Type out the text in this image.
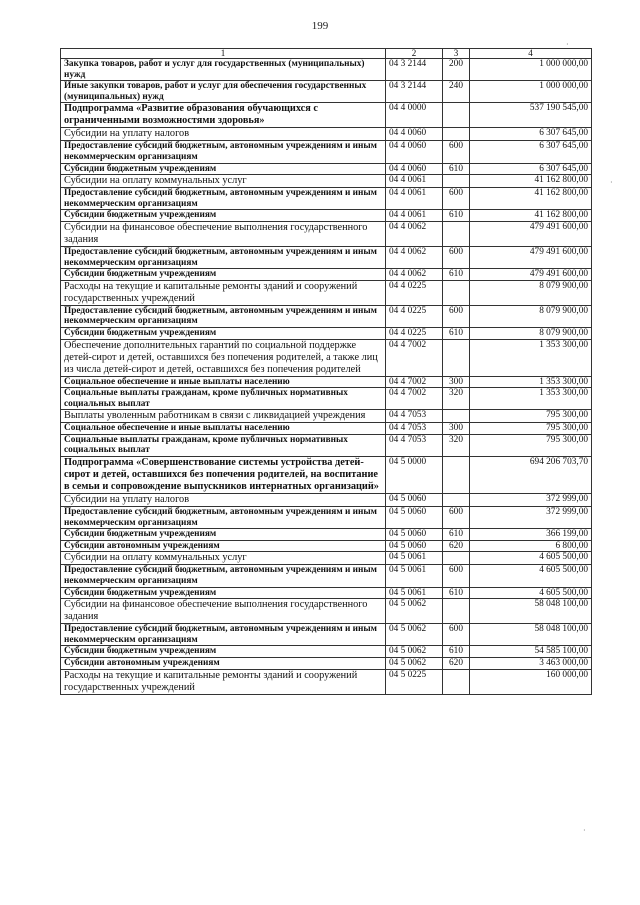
199
1	2	3	4
Закупка товаров, работ и услуг для государственных (муниципальных) нужд	04 3 2144	200	1 000 000,00
Иные закупки товаров, работ и услуг для обеспечения государственных (муниципальных) нужд	04 3 2144	240	1 000 000,00
Подпрограмма «Развитие образования обучающихся с ограниченными возможностями здоровья»	04 4 0000		537 190 545,00
Субсидии на уплату налогов	04 4 0060		6 307 645,00
Предоставление субсидий бюджетным, автономным учреждениям и иным некоммерческим организациям	04 4 0060	600	6 307 645,00
Субсидии бюджетным учреждениям	04 4 0060	610	6 307 645,00
Субсидии на оплату коммунальных услуг	04 4 0061		41 162 800,00
Предоставление субсидий бюджетным, автономным учреждениям и иным некоммерческим организациям	04 4 0061	600	41 162 800,00
Субсидии бюджетным учреждениям	04 4 0061	610	41 162 800,00
Субсидии на финансовое обеспечение выполнения государственного задания	04 4 0062		479 491 600,00
Предоставление субсидий бюджетным, автономным учреждениям и иным некоммерческим организациям	04 4 0062	600	479 491 600,00
Субсидии бюджетным учреждениям	04 4 0062	610	479 491 600,00
Расходы на текущие и капитальные ремонты зданий и сооружений государственных учреждений	04 4 0225		8 079 900,00
Предоставление субсидий бюджетным, автономным учреждениям и иным некоммерческим организациям	04 4 0225	600	8 079 900,00
Субсидии бюджетным учреждениям	04 4 0225	610	8 079 900,00
Обеспечение дополнительных гарантий по социальной поддержке детей-сирот и детей, оставшихся без попечения родителей, а также лиц из числа детей-сирот и детей, оставшихся без попечения родителей	04 4 7002		1 353 300,00
Социальное обеспечение и иные выплаты населению	04 4 7002	300	1 353 300,00
Социальные выплаты гражданам, кроме публичных нормативных социальных выплат	04 4 7002	320	1 353 300,00
Выплаты уволенным работникам в связи с ликвидацией учреждения	04 4 7053		795 300,00
Социальное обеспечение и иные выплаты населению	04 4 7053	300	795 300,00
Социальные выплаты гражданам, кроме публичных нормативных социальных выплат	04 4 7053	320	795 300,00
Подпрограмма «Совершенствование системы устройства детей-сирот и детей, оставшихся без попечения родителей, на воспитание в семьи и сопровождение выпускников интернатных организаций»	04 5 0000		694 206 703,70
Субсидии на уплату налогов	04 5 0060		372 999,00
Предоставление субсидий бюджетным, автономным учреждениям и иным некоммерческим организациям	04 5 0060	600	372 999,00
Субсидии бюджетным учреждениям	04 5 0060	610	366 199,00
Субсидии автономным учреждениям	04 5 0060	620	6 800,00
Субсидии на оплату коммунальных услуг	04 5 0061		4 605 500,00
Предоставление субсидий бюджетным, автономным учреждениям и иным некоммерческим организациям	04 5 0061	600	4 605 500,00
Субсидии бюджетным учреждениям	04 5 0061	610	4 605 500,00
Субсидии на финансовое обеспечение выполнения государственного задания	04 5 0062		58 048 100,00
Предоставление субсидий бюджетным, автономным учреждениям и иным некоммерческим организациям	04 5 0062	600	58 048 100,00
Субсидии бюджетным учреждениям	04 5 0062	610	54 585 100,00
Субсидии автономным учреждениям	04 5 0062	620	3 463 000,00
Расходы на текущие и капитальные ремонты зданий и сооружений государственных учреждений	04 5 0225		160 000,00
·
·
·
